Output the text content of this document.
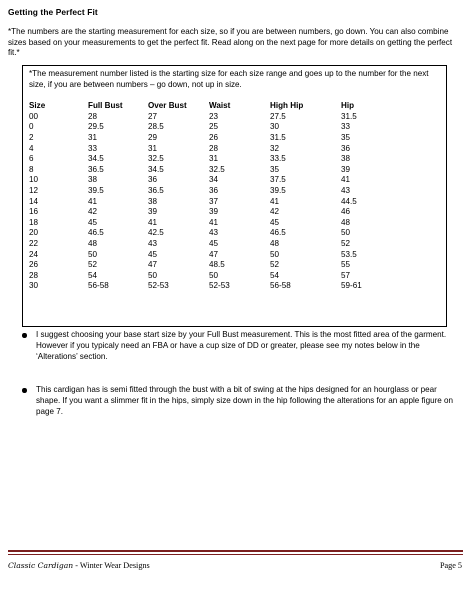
Getting the Perfect Fit
*The numbers are the starting measurement for each size, so if you are between numbers, go down. You can also combine sizes based on your measurements to get the perfect fit. Read along on the next page for more details on getting the perfect fit.*
*The measurement number listed is the starting size for each size range and goes up to the number for the next size, if you are between numbers – go down, not up in size.
Size	Full Bust	Over Bust	Waist	High Hip	Hip
00	28	27	23	27.5	31.5
0	29.5	28.5	25	30	33
2	31	29	26	31.5	35
4	33	31	28	32	36
6	34.5	32.5	31	33.5	38
8	36.5	34.5	32.5	35	39
10	38	36	34	37.5	41
12	39.5	36.5	36	39.5	43
14	41	38	37	41	44.5
16	42	39	39	42	46
18	45	41	41	45	48
20	46.5	42.5	43	46.5	50
22	48	43	45	48	52
24	50	45	47	50	53.5
26	52	47	48.5	52	55
28	54	50	50	54	57
30	56-58	52-53	52-53	56-58	59-61
I suggest choosing your base start size by your Full Bust measurement. This is the most fitted area of the garment. However if you typicaly need an FBA or have a cup size of DD or greater, please see my notes below in the ‘Alterations’ section.
This cardigan has is semi fitted through the bust with a bit of swing at the hips designed for an hourglass or pear shape. If you want a slimmer fit in the hips, simply size down in the hip following the alterations for an apple figure on page 7.
Classic Cardigan - Winter Wear Designs	Page 5
